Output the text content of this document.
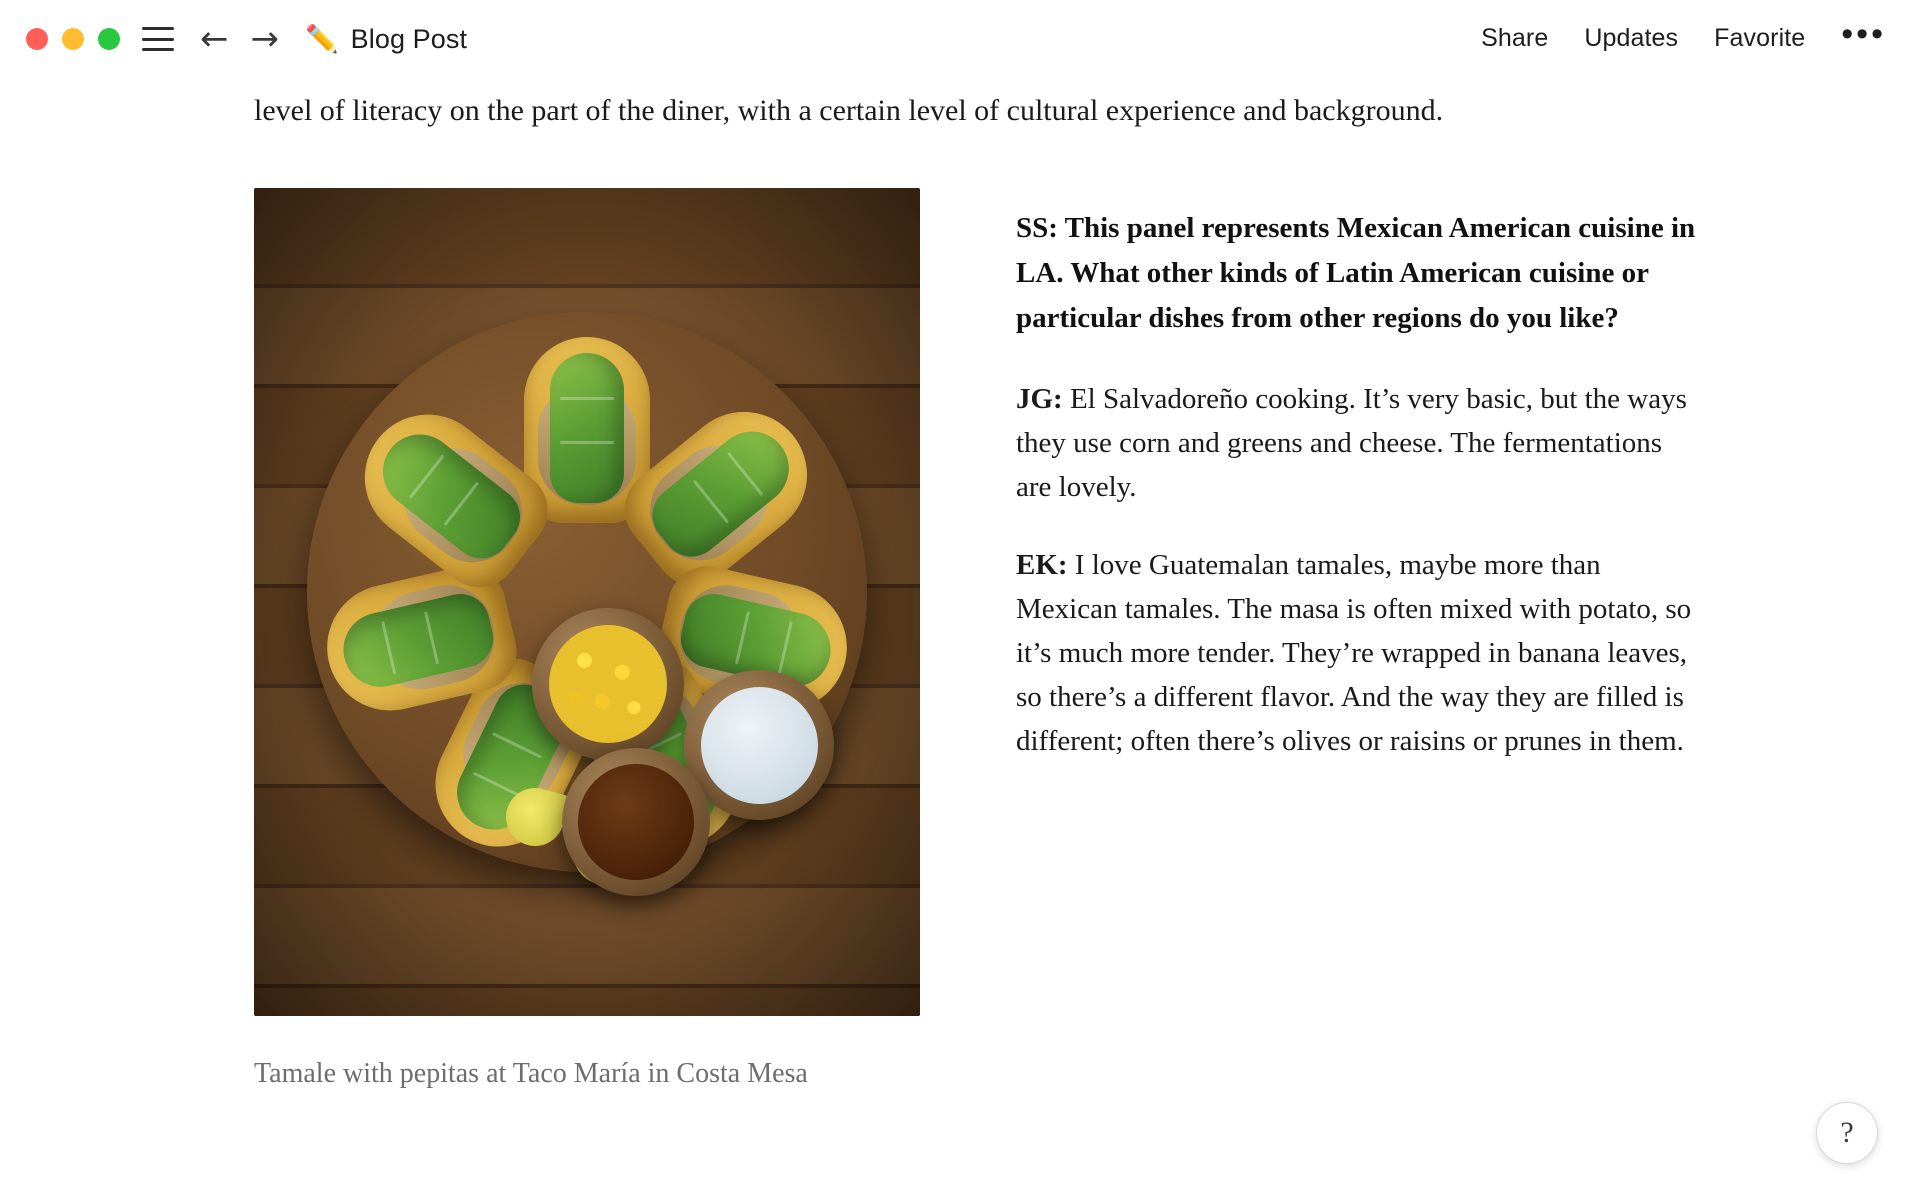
← → ✏️ Blog Post	Share Updates Favorite •••

level of literacy on the part of the diner, with a certain level of cultural experience and background.

Tamale with pepitas at Taco María in Costa Mesa

SS: This panel represents Mexican American cuisine in LA. What other kinds of Latin American cuisine or particular dishes from other regions do you like?

JG: El Salvadoreño cooking. It’s very basic, but the ways they use corn and greens and cheese. The fermentations are lovely.

EK: I love Guatemalan tamales, maybe more than Mexican tamales. The masa is often mixed with potato, so it’s much more tender. They’re wrapped in banana leaves, so there’s a different flavor. And the way they are filled is different; often there’s olives or raisins or prunes in them.

?
